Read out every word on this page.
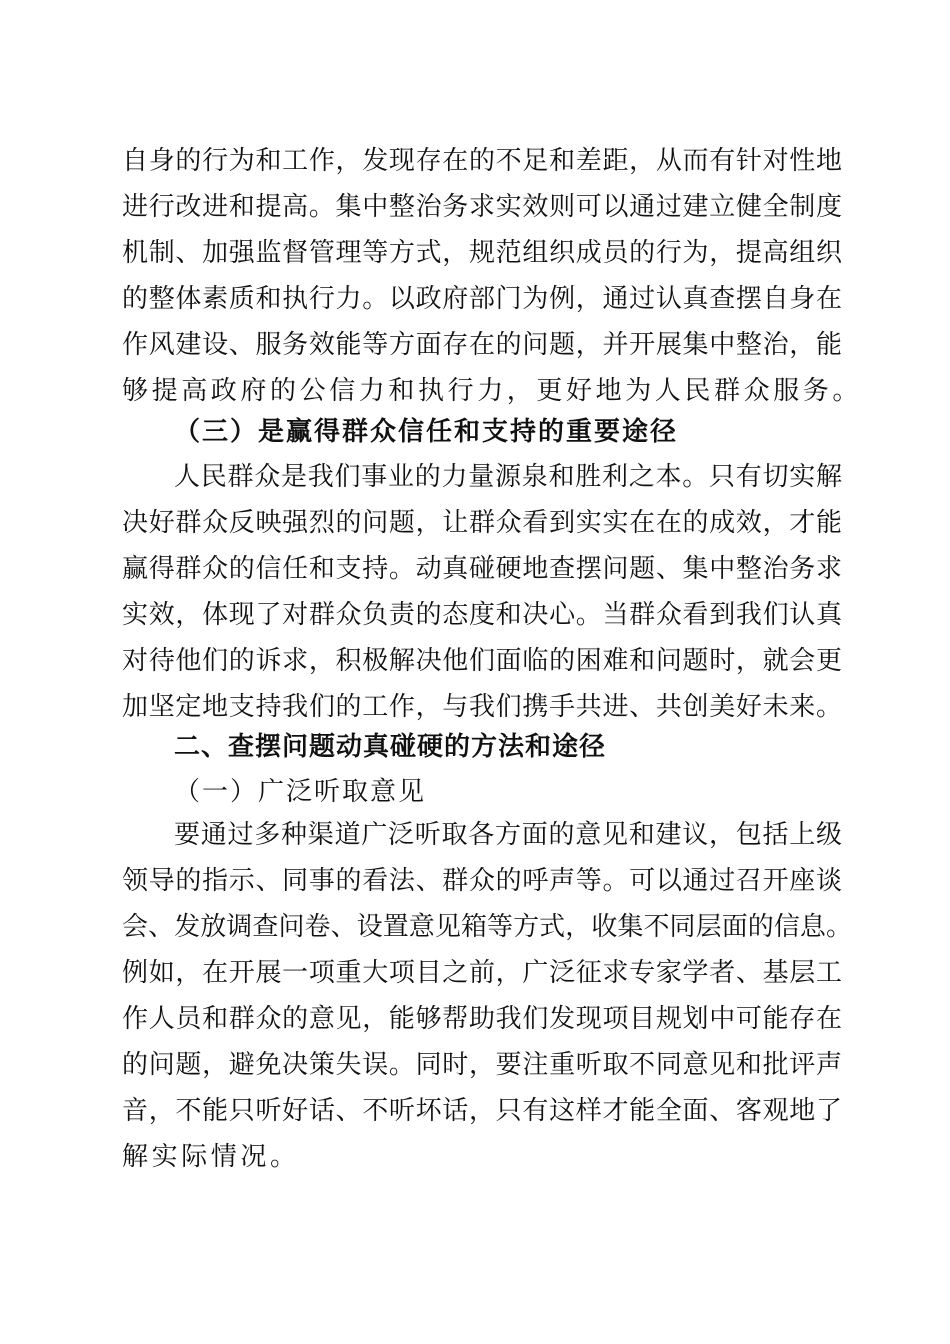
自身的行为和工作，发现存在的不足和差距，从而有针对性地
进行改进和提高。集中整治务求实效则可以通过建立健全制度
机制、加强监督管理等方式，规范组织成员的行为，提高组织
的整体素质和执行力。以政府部门为例，通过认真查摆自身在
作风建设、服务效能等方面存在的问题，并开展集中整治，能
够提高政府的公信力和执行力，更好地为人民群众服务。
（三）是赢得群众信任和支持的重要途径
人民群众是我们事业的力量源泉和胜利之本。只有切实解
决好群众反映强烈的问题，让群众看到实实在在的成效，才能
赢得群众的信任和支持。动真碰硬地查摆问题、集中整治务求
实效，体现了对群众负责的态度和决心。当群众看到我们认真
对待他们的诉求，积极解决他们面临的困难和问题时，就会更
加坚定地支持我们的工作，与我们携手共进、共创美好未来。
二、查摆问题动真碰硬的方法和途径
（一）广泛听取意见
要通过多种渠道广泛听取各方面的意见和建议，包括上级
领导的指示、同事的看法、群众的呼声等。可以通过召开座谈
会、发放调查问卷、设置意见箱等方式，收集不同层面的信息。
例如，在开展一项重大项目之前，广泛征求专家学者、基层工
作人员和群众的意见，能够帮助我们发现项目规划中可能存在
的问题，避免决策失误。同时，要注重听取不同意见和批评声
音，不能只听好话、不听坏话，只有这样才能全面、客观地了
解实际情况。
